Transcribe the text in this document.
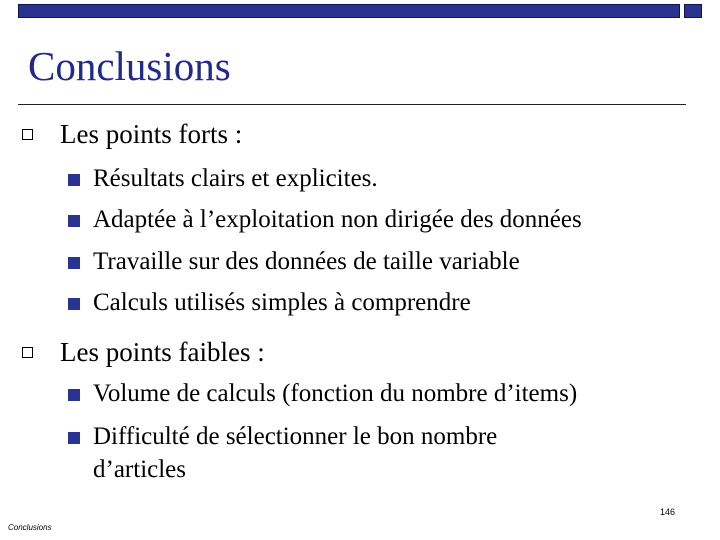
Conclusions
Les points forts :
Résultats clairs et explicites.
Adaptée à l’exploitation non dirigée des données
Travaille sur des données de taille variable
Calculs utilisés simples à comprendre
Les points faibles :
Volume de calculs (fonction du nombre d’items)
Difficulté de sélectionner le bon nombre
d’articles
146
Conclusions
